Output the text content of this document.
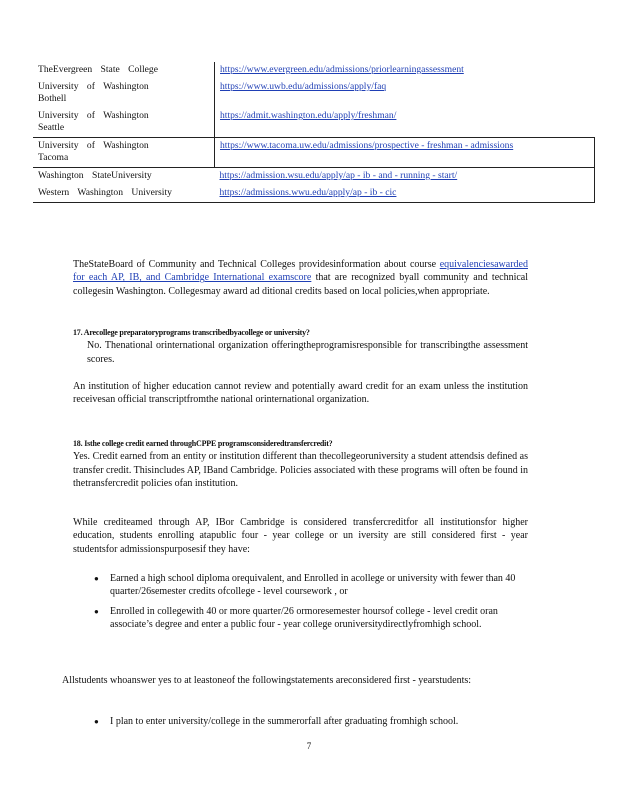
TheEvergreen State College	https://www.evergreen.edu/admissions/priorlearningassessment

University of Washington
Bothell	https://www.uwb.edu/admissions/apply/faq

University of Washington
Seattle	https://admit.washington.edu/apply/freshman/

University of Washington
Tacoma	https://www.tacoma.uw.edu/admissions/prospective - freshman - admissions

Washington StateUniversity	https://admission.wsu.edu/apply/ap - ib - and - running - start/

Western Washington University	https://admissions.wwu.edu/apply/ap - ib - cic

TheStateBoard of Community and Technical Colleges providesinformation about course equivalenciesawarded for each AP, IB, and Cambridge International examscore that are recognized byall community and technical collegesin Washington. Collegesmay award ad ditional credits based on local policies,when appropriate.

17. Arecollege preparatoryprograms transcribedbyacollege or university?

No. Thenational orinternational organization offeringtheprogramisresponsible for transcribingthe assessment scores.

An institution of higher education cannot review and potentially award credit for an exam unless the institution receivesan official transcriptfromthe national orinternational organization.

18. Isthe college credit earned throughCPPE programsconsideredtransfercredit?

Yes. Credit earned from an entity or institution different than thecollegeoruniversity a student attendsis defined as transfer credit. Thisincludes AP, IBand Cambridge. Policies associated with these programs will often be found in thetransfercredit policies ofan institution.

While crediteamed through AP, IBor Cambridge is considered transfercreditfor all institutionsfor higher education, students enrolling atapublic four - year college or un iversity are still considered first - year studentsfor admissionspurposesif they have:

● Earned a high school diploma orequivalent, and Enrolled in acollege or university with fewer than 40 quarter/26semester credits ofcollege - level coursework , or
● Enrolled in collegewith 40 or more quarter/26 ormoresemester hoursof college - level credit oran associate’s degree and enter a public four - year college oruniversitydirectlyfromhigh school.

Allstudents whoanswer yes to at leastoneof the followingstatements areconsidered first - yearstudents:

● I plan to enter university/college in the summerorfall after graduating fromhigh school.
7
